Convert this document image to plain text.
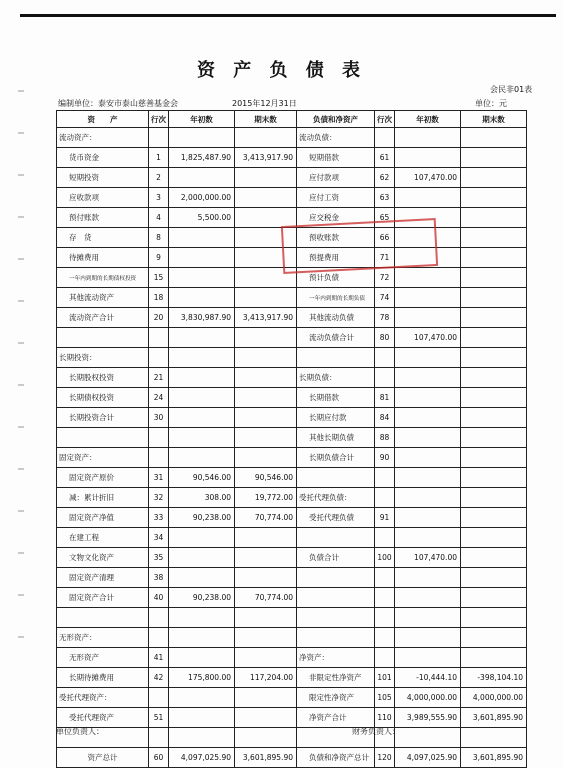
资 产 负 债 表
会民非01表
编制单位：泰安市泰山慈善基金会	2015年12月31日	单位：元
资　　产	行次	年初数	期末数	负债和净资产	行次	年初数	期末数
流动资产：				流动负债：			
货币资金	1	1,825,487.90	3,413,917.90	短期借款	61		
短期投资	2			应付款项	62	107,470.00	
应收款项	3	2,000,000.00		应付工资	63		
预付账款	4	5,500.00		应交税金	65		
存　货	8			预收账款	66		
待摊费用	9			预提费用	71		
一年内到期的长期债权投资	15			预计负债	72		
其他流动资产	18			一年内到期的长期负债	74		
流动资产合计	20	3,830,987.90	3,413,917.90	其他流动负债	78		
				流动负债合计	80	107,470.00	
长期投资：							
长期股权投资	21			长期负债：			
长期债权投资	24			长期借款	81		
长期投资合计	30			长期应付款	84		
				其他长期负债	88		
固定资产：				长期负债合计	90		
固定资产原价	31	90,546.00	90,546.00				
减：累计折旧	32	308.00	19,772.00	受托代理负债：			
固定资产净值	33	90,238.00	70,774.00	受托代理负债	91		
在建工程	34						
文物文化资产	35			负债合计	100	107,470.00	
固定资产清理	38						
固定资产合计	40	90,238.00	70,774.00				

无形资产：							
无形资产	41			净资产：			
长期待摊费用	42	175,800.00	117,204.00	非限定性净资产	101	-10,444.10	-398,104.10
受托代理资产：				限定性净资产	105	4,000,000.00	4,000,000.00
受托代理资产	51			净资产合计	110	3,989,555.90	3,601,895.90

资产总计	60	4,097,025.90	3,601,895.90	负债和净资产总计	120	4,097,025.90	3,601,895.90
单位负责人：	财务负责人：
